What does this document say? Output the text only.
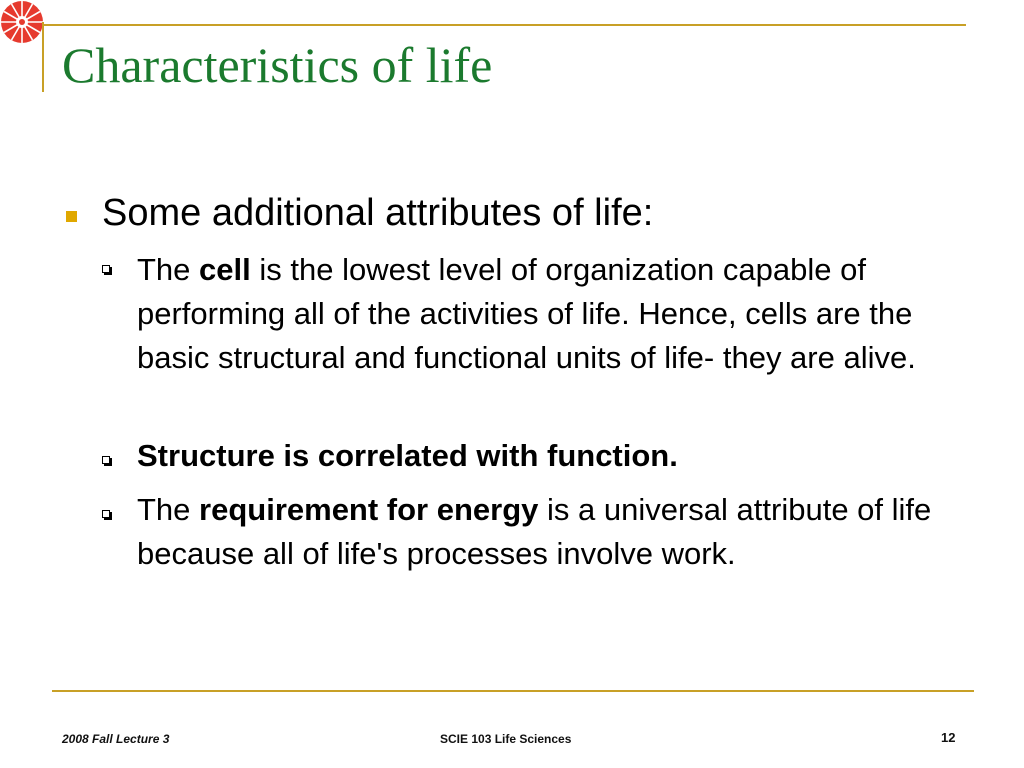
Characteristics of life
Some additional attributes of life:
The cell is the lowest level of organization capable of performing all of the activities of life. Hence, cells are the basic structural and functional units of life- they are alive.
Structure is correlated with function.
The requirement for energy is a universal attribute of life because all of life's processes involve work.
2008 Fall Lecture 3	SCIE 103 Life Sciences	12
